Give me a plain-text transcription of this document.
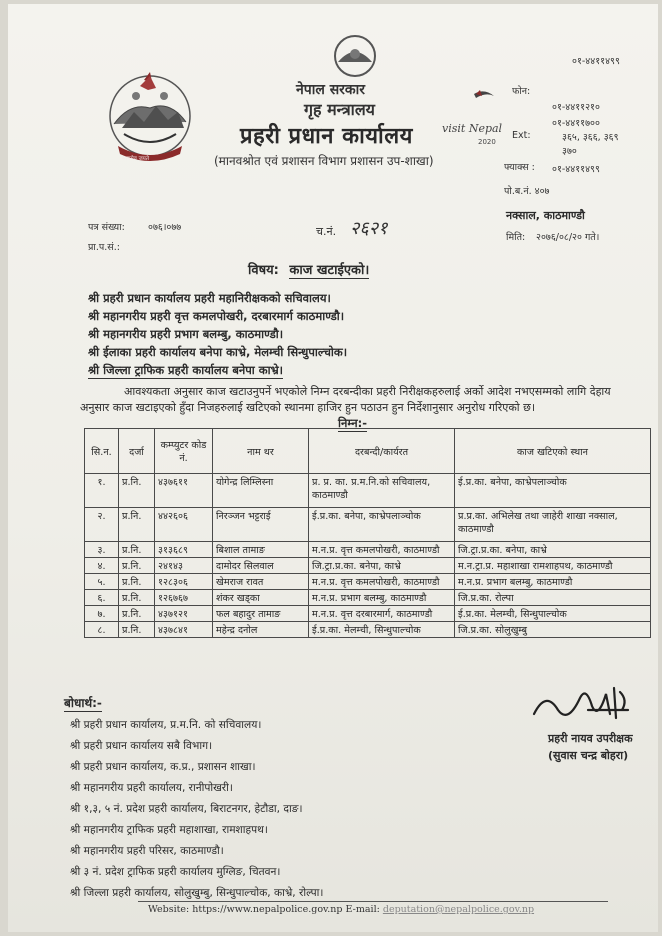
सत्यमेव जयते
visit Nepal
2020
नेपाल सरकार
गृह मन्त्रालय
प्रहरी प्रधान कार्यालय
(मानवश्रोत एवं प्रशासन विभाग प्रशासन उप-शाखा)
०१-४४११४९९
फोन:
०१-४४११२१०
०१-४४११७००
Ext:	३६५, ३६६, ३६९
३७०
फ्याक्स : ०१-४४११४९९
पो.ब.नं. ४०७
नक्साल, काठमाण्डौ
मिति: २०७६/०८/२० गते।
पत्र संख्या: ०७६।०७७
प्रा.प.सं.:
च.नं. २६२१
विषय: काज खटाईएको।
श्री प्रहरी प्रधान कार्यालय प्रहरी महानिरीक्षकको सचिवालय।
श्री महानगरीय प्रहरी वृत्त कमलपोखरी, दरबारमार्ग काठमाण्डौ।
श्री महानगरीय प्रहरी प्रभाग बलम्बु, काठमाण्डौ।
श्री ईलाका प्रहरी कार्यालय बनेपा काभ्रे, मेलम्ची सिन्धुपाल्चोक।
श्री जिल्ला ट्राफिक प्रहरी कार्यालय बनेपा काभ्रे।
आवश्यकता अनुसार काज खटाउनुपर्ने भएकोले निम्न दरबन्दीका प्रहरी निरीक्षकहरुलाई अर्को आदेश नभएसम्मको लागि देहाय अनुसार काज खटाइएको हुँदा निजहरुलाई खटिएको स्थानमा हाजिर हुन पठाउन हुन निर्देशानुसार अनुरोध गरिएको छ।
निम्न:-
सि.न.	दर्जा	कम्प्युटर कोड नं.	नाम थर	दरबन्दी/कार्यरत	काज खटिएको स्थान
१.	प्र.नि.	४३७६११	योगेन्द्र लिम्लिस्ना	प्र. प्र. का. प्र.म.नि.को सचिवालय, काठमाण्डौ	ई.प्र.का. बनेपा, काभ्रेपलाञ्चोक
२.	प्र.नि.	४४२६०६	निरञ्जन भट्टराई	ई.प्र.का. बनेपा, काभ्रेपलाञ्चोक	प्र.प्र.का. अभिलेख तथा जाहेरी शाखा नक्साल, काठमाण्डौ
३.	प्र.नि.	३१३६८९	बिशाल तामाङ	म.न.प्र. वृत्त कमलपोखरी, काठमाण्डौ	जि.ट्रा.प्र.का. बनेपा, काभ्रे
४.	प्र.नि.	२४१४३	दामोदर सिलवाल	जि.ट्रा.प्र.का. बनेपा, काभ्रे	म.न.ट्रा.प्र. महाशाखा रामशाहपथ, काठमाण्डौ
५.	प्र.नि.	१२८३०६	खेमराज रावत	म.न.प्र. वृत्त कमलपोखरी, काठमाण्डौ	म.न.प्र. प्रभाग बलम्बु, काठमाण्डौ
६.	प्र.नि.	१२६७६७	शंकर खड्का	म.न.प्र. प्रभाग बलम्बु, काठमाण्डौ	जि.प्र.का. रोल्पा
७.	प्र.नि.	४३७१२१	फल बहादुर तामाङ	म.न.प्र. वृत्त दरबारमार्ग, काठमाण्डौ	ई.प्र.का. मेलम्ची, सिन्धुपाल्चोक
८.	प्र.नि.	४३७८४१	महेन्द्र दनोल	ई.प्र.का. मेलम्ची, सिन्धुपाल्चोक	जि.प्र.का. सोलुखुम्बु
प्रहरी नायव उपरीक्षक
(सुवास चन्द्र बोहरा)
बोधार्थ:-
श्री प्रहरी प्रधान कार्यालय, प्र.म.नि. को सचिवालय।
श्री प्रहरी प्रधान कार्यालय सबै विभाग।
श्री प्रहरी प्रधान कार्यालय, क.प्र., प्रशासन शाखा।
श्री महानगरीय प्रहरी कार्यालय, रानीपोखरी।
श्री १,३, ५ नं. प्रदेश प्रहरी कार्यालय, बिराटनगर, हेटौडा, दाङ।
श्री महानगरीय ट्राफिक प्रहरी महाशाखा, रामशाहपथ।
श्री महानगरीय प्रहरी परिसर, काठमाण्डौ।
श्री ३ नं. प्रदेश ट्राफिक प्रहरी कार्यालय मुग्लिङ, चितवन।
श्री जिल्ला प्रहरी कार्यालय, सोलुखुम्बु, सिन्धुपाल्चोक, काभ्रे, रोल्पा।
Website: https://www.nepalpolice.gov.np E-mail: deputation@nepalpolice.gov.np
